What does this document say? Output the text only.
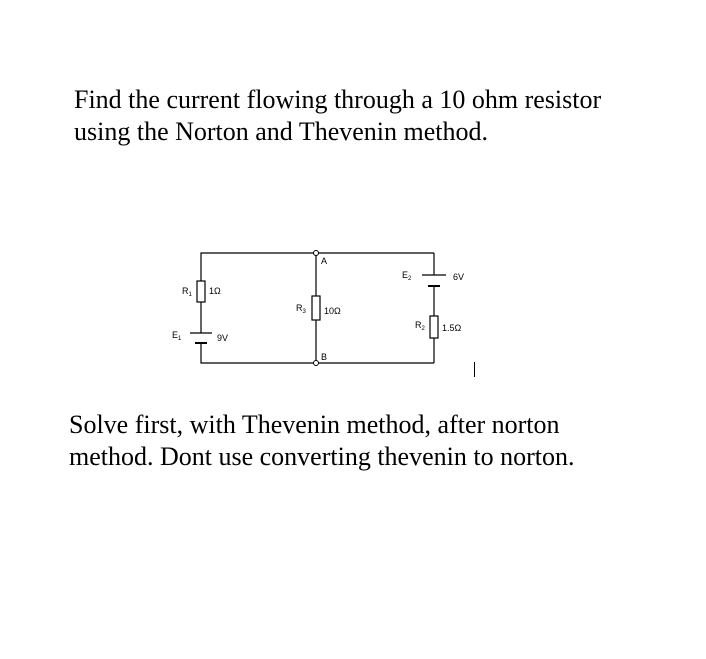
Find the current flowing through a 10 ohm resistor
using the Norton and Thevenin method.
$R_1$ 1Ω
$E_1$	9V
$R_3$ 10Ω
A
B
$E_2$	6V
$R_2$ 1.5Ω
Solve first, with Thevenin method, after norton
method. Dont use converting thevenin to norton.
